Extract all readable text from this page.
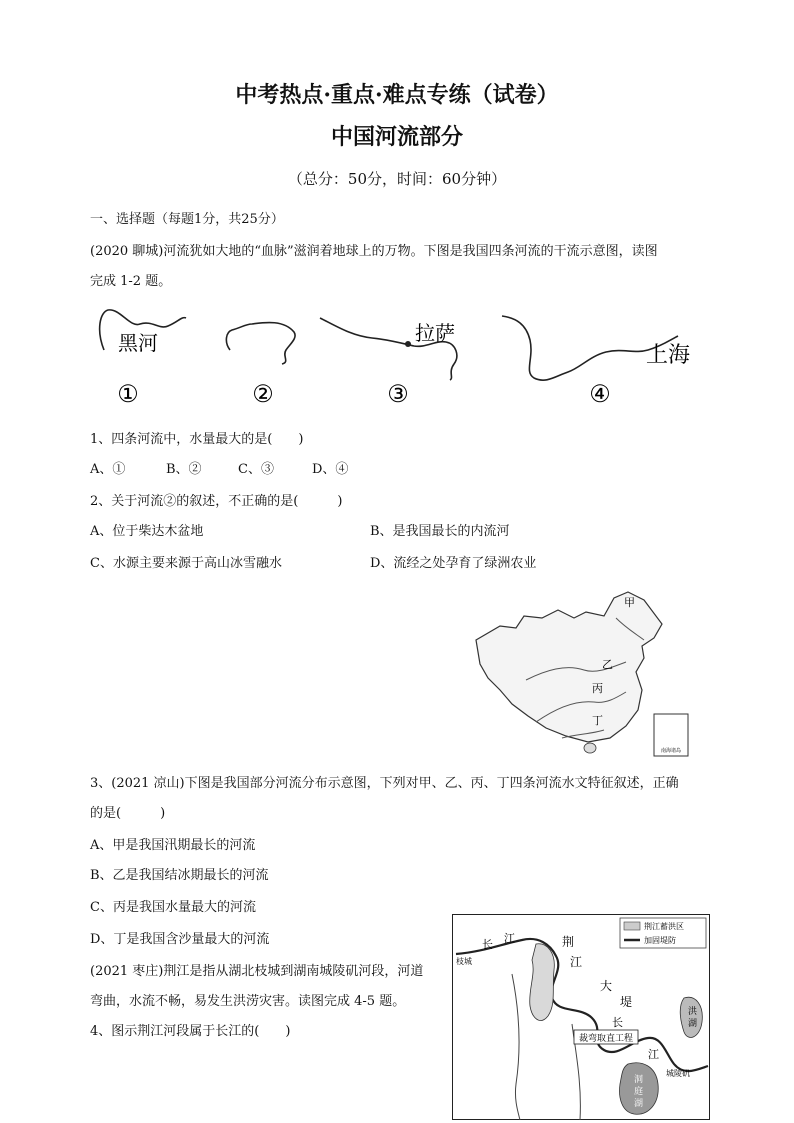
中考热点·重点·难点专练（试卷）
中国河流部分
（总分：50分，时间：60分钟）
一、选择题（每题1分，共25分）
(2020 聊城)河流犹如大地的“血脉”滋润着地球上的万物。下图是我国四条河流的干流示意图，读图
完成 1-2 题。
黑河	拉萨
上海
①	②	③	④
1、四条河流中，水量最大的是(　　)
A、①	B、②	C、③	D、④
2、关于河流②的叙述，不正确的是(　　　)
A、位于柴达木盆地	B、是我国最长的内流河
C、水源主要来源于高山冰雪融水	D、流经之处孕育了绿洲农业
甲
乙
丙
丁
南海诸岛
3、(2021 凉山)下图是我国部分河流分布示意图，下列对甲、乙、丙、丁四条河流水文特征叙述，正确
的是(　　　)
A、甲是我国汛期最长的河流
B、乙是我国结冰期最长的河流
C、丙是我国水量最大的河流
D、丁是我国含沙量最大的河流
(2021 枣庄)荆江是指从湖北枝城到湖南城陵矶河段，河道
弯曲，水流不畅，易发生洪涝灾害。读图完成 4-5 题。
4、图示荆江河段属于长江的(　　)
荆江蓄洪区
加固堤防
枝城
长 江	荆
江
大
堤
长
江
洪
湖
裁弯取直工程
城陵矶
洞
庭
湖
